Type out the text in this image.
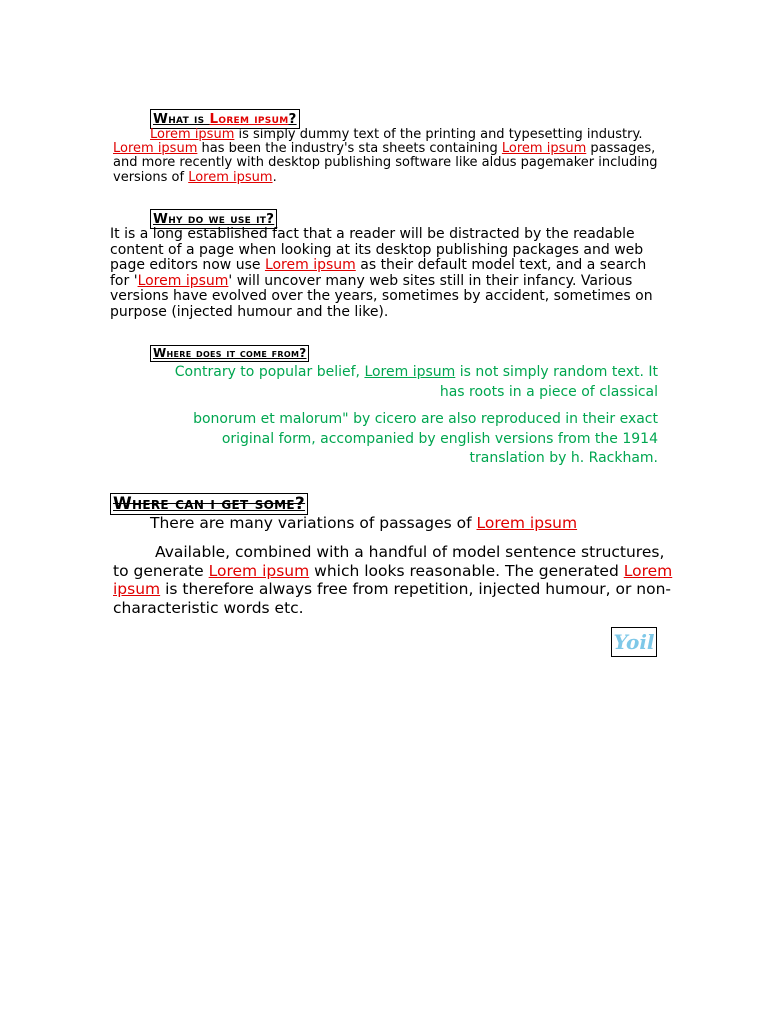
What is Lorem ipsum?
Lorem ipsum is simply dummy text of the printing and typesetting industry. Lorem ipsum has been the industry's sta sheets containing Lorem ipsum passages, and more recently with desktop publishing software like aldus pagemaker including versions of Lorem ipsum.
Why do we use it?
It is a long established fact that a reader will be distracted by the readable content of a page when looking at its desktop publishing packages and web page editors now use Lorem ipsum as their default model text, and a search for 'Lorem ipsum' will uncover many web sites still in their infancy. Various versions have evolved over the years, sometimes by accident, sometimes on purpose (injected humour and the like).
Where does it come from?
Contrary to popular belief, Lorem ipsum is not simply random text. It has roots in a piece of classical
bonorum et malorum" by cicero are also reproduced in their exact original form, accompanied by english versions from the 1914 translation by h. Rackham.
Where can i get some?
There are many variations of passages of Lorem ipsum
Available, combined with a handful of model sentence structures, to generate Lorem ipsum which looks reasonable. The generated Lorem ipsum is therefore always free from repetition, injected humour, or non-characteristic words etc.
Yoil
